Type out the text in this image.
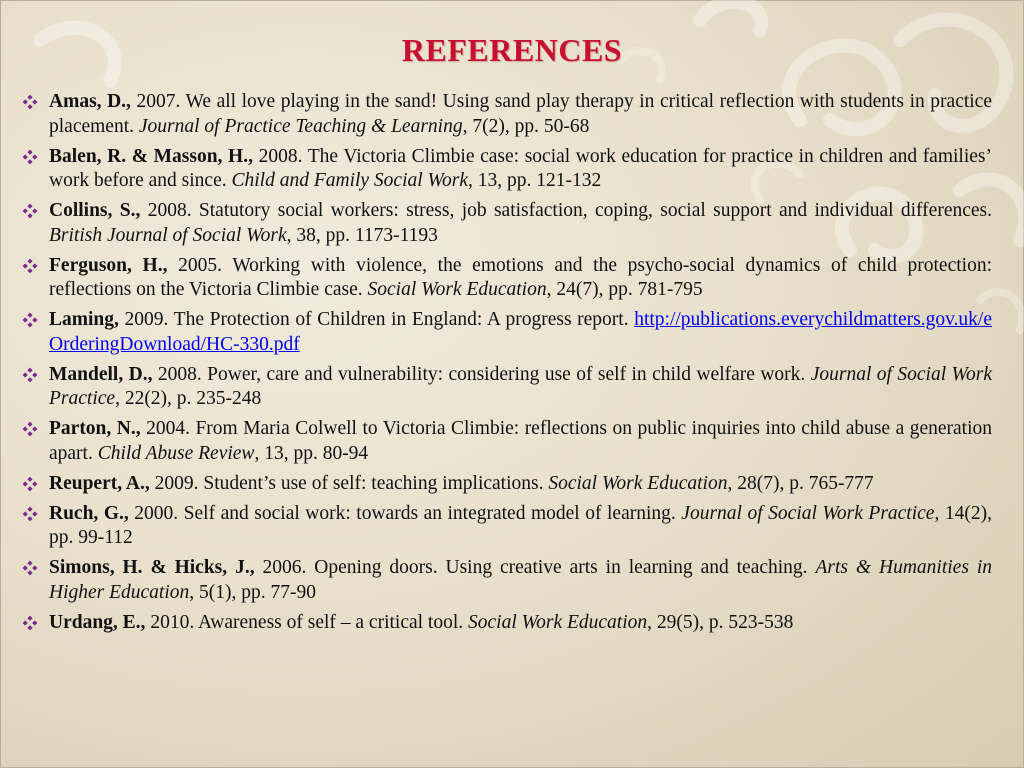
REFERENCES
Amas, D., 2007. We all love playing in the sand! Using sand play therapy in critical reflection with students in practice placement. Journal of Practice Teaching & Learning, 7(2), pp. 50-68
Balen, R. & Masson, H., 2008. The Victoria Climbie case: social work education for practice in children and families’ work before and since. Child and Family Social Work, 13, pp. 121-132
Collins, S., 2008. Statutory social workers: stress, job satisfaction, coping, social support and individual differences. British Journal of Social Work, 38, pp. 1173-1193
Ferguson, H., 2005. Working with violence, the emotions and the psycho-social dynamics of child protection: reflections on the Victoria Climbie case. Social Work Education, 24(7), pp. 781-795
Laming, 2009. The Protection of Children in England: A progress report. http://publications.everychildmatters.gov.uk/eOrderingDownload/HC-330.pdf
Mandell, D., 2008. Power, care and vulnerability: considering use of self in child welfare work. Journal of Social Work Practice, 22(2), p. 235-248
Parton, N., 2004. From Maria Colwell to Victoria Climbie: reflections on public inquiries into child abuse a generation apart. Child Abuse Review, 13, pp. 80-94
Reupert, A., 2009. Student’s use of self: teaching implications. Social Work Education, 28(7), p. 765-777
Ruch, G., 2000. Self and social work: towards an integrated model of learning. Journal of Social Work Practice, 14(2), pp. 99-112
Simons, H. & Hicks, J., 2006. Opening doors. Using creative arts in learning and teaching. Arts & Humanities in Higher Education, 5(1), pp. 77-90
Urdang, E., 2010. Awareness of self – a critical tool. Social Work Education, 29(5), p. 523-538
